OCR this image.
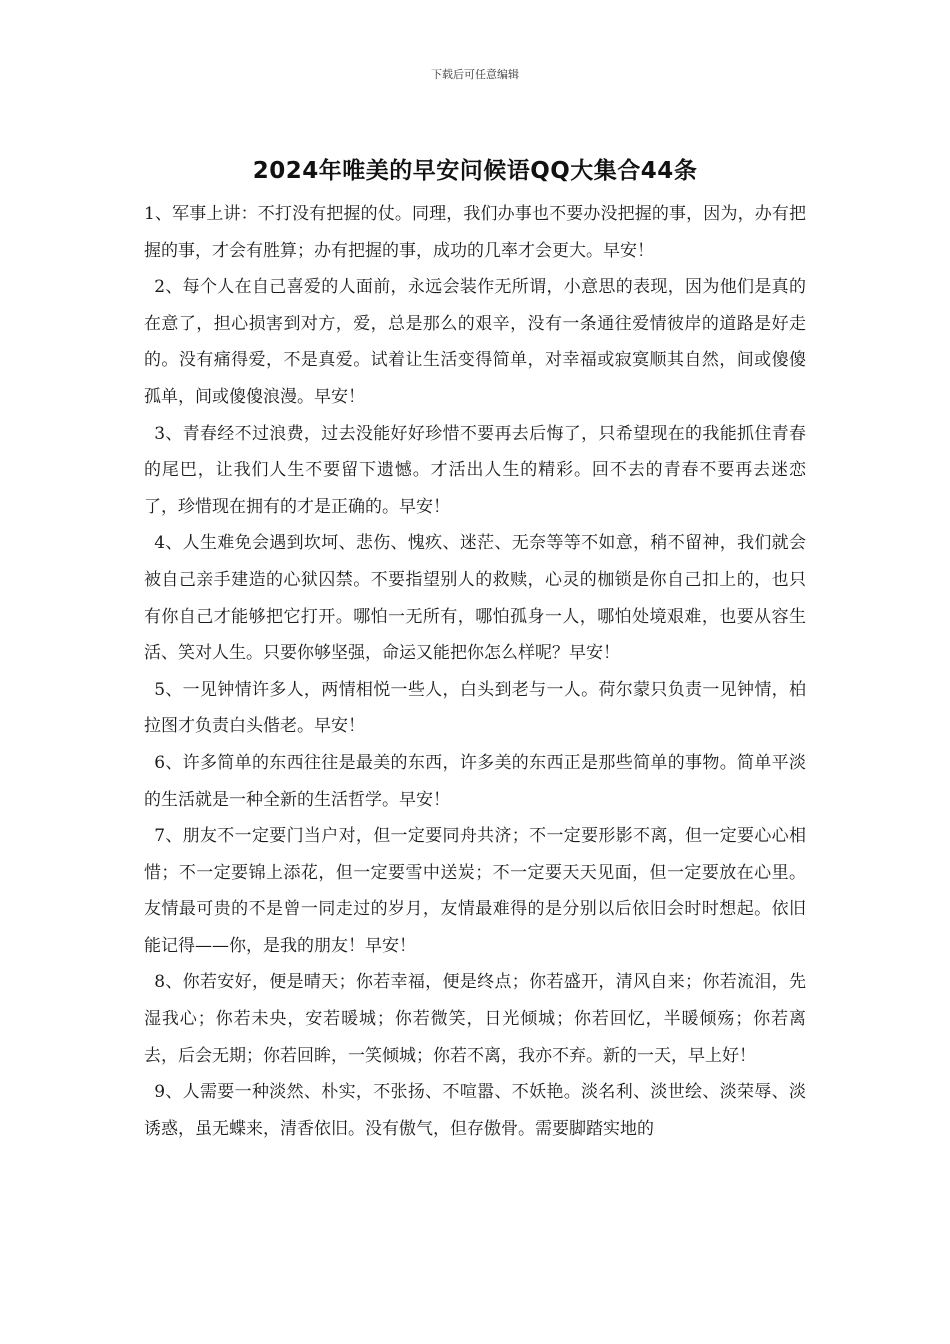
下载后可任意编辑
2024年唯美的早安问候语QQ大集合44条

1、军事上讲：不打没有把握的仗。同理，我们办事也不要办没把握的事，因为，办有把握的事，才会有胜算；办有把握的事，成功的几率才会更大。早安！

2、每个人在自己喜爱的人面前，永远会装作无所谓，小意思的表现，因为他们是真的在意了，担心损害到对方，爱，总是那么的艰辛，没有一条通往爱情彼岸的道路是好走的。没有痛得爱，不是真爱。试着让生活变得简单，对幸福或寂寞顺其自然，间或傻傻孤单，间或傻傻浪漫。早安！

3、青春经不过浪费，过去没能好好珍惜不要再去后悔了，只希望现在的我能抓住青春的尾巴，让我们人生不要留下遗憾。才活出人生的精彩。回不去的青春不要再去迷恋了，珍惜现在拥有的才是正确的。早安！

4、人生难免会遇到坎坷、悲伤、愧疚、迷茫、无奈等等不如意，稍不留神，我们就会被自己亲手建造的心狱囚禁。不要指望别人的救赎，心灵的枷锁是你自己扣上的，也只有你自己才能够把它打开。哪怕一无所有，哪怕孤身一人，哪怕处境艰难，也要从容生活、笑对人生。只要你够坚强，命运又能把你怎么样呢？早安！

5、一见钟情许多人，两情相悦一些人，白头到老与一人。荷尔蒙只负责一见钟情，柏拉图才负责白头偕老。早安！

6、许多简单的东西往往是最美的东西，许多美的东西正是那些简单的事物。简单平淡的生活就是一种全新的生活哲学。早安！

7、朋友不一定要门当户对，但一定要同舟共济；不一定要形影不离，但一定要心心相惜；不一定要锦上添花，但一定要雪中送炭；不一定要天天见面，但一定要放在心里。友情最可贵的不是曾一同走过的岁月，友情最难得的是分别以后依旧会时时想起。依旧能记得——你，是我的朋友！早安！

8、你若安好，便是晴天；你若幸福，便是终点；你若盛开，清风自来；你若流泪，先湿我心；你若未央，安若暖城；你若微笑，日光倾城；你若回忆，半暖倾殇；你若离去，后会无期；你若回眸，一笑倾城；你若不离，我亦不弃。新的一天，早上好！

9、人需要一种淡然、朴实，不张扬、不喧嚣、不妖艳。淡名利、淡世绘、淡荣辱、淡诱惑，虽无蝶来，清香依旧。没有傲气，但存傲骨。需要脚踏实地的
